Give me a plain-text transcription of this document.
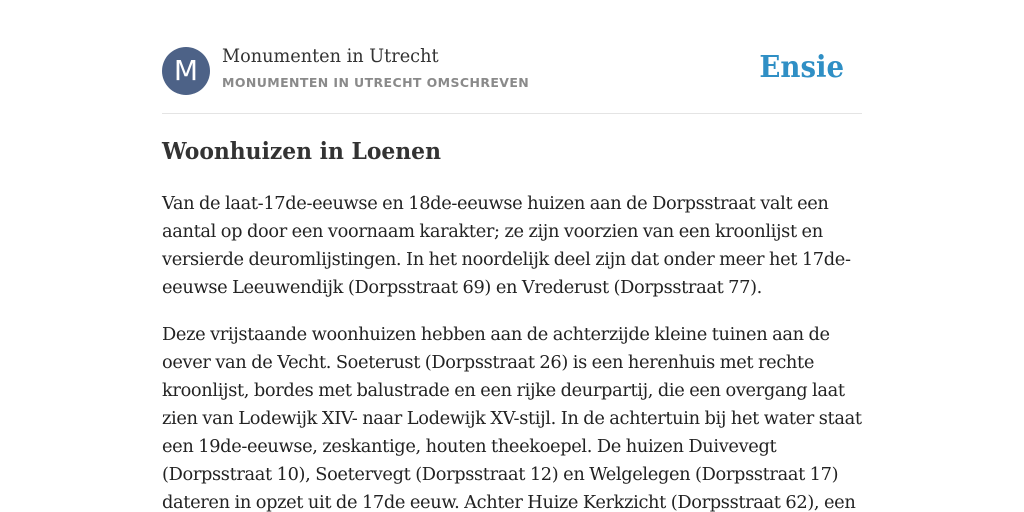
M	Monumenten in Utrecht
MONUMENTEN IN UTRECHT OMSCHREVEN	Ensie
Woonhuizen in Loenen

Van de laat-17de-eeuwse en 18de-eeuwse huizen aan de Dorpsstraat valt een aantal op door een voornaam karakter; ze zijn voorzien van een kroonlijst en versierde deuromlijstingen. In het noordelijk deel zijn dat onder meer het 17de-eeuwse Leeuwendijk (Dorpsstraat 69) en Vrederust (Dorpsstraat 77).

Deze vrijstaande woonhuizen hebben aan de achterzijde kleine tuinen aan de oever van de Vecht. Soeterust (Dorpsstraat 26) is een herenhuis met rechte kroonlijst, bordes met balustrade en een rijke deurpartij, die een overgang laat zien van Lodewijk XIV- naar Lodewijk XV-stijl. In de achtertuin bij het water staat een 19de-eeuwse, zeskantige, houten theekoepel. De huizen Duivevegt (Dorpsstraat 10), Soetervegt (Dorpsstraat 12) en Welgelegen (Dorpsstraat 17) dateren in opzet uit de 17de eeuw. Achter Huize Kerkzicht (Dorpsstraat 62), een
